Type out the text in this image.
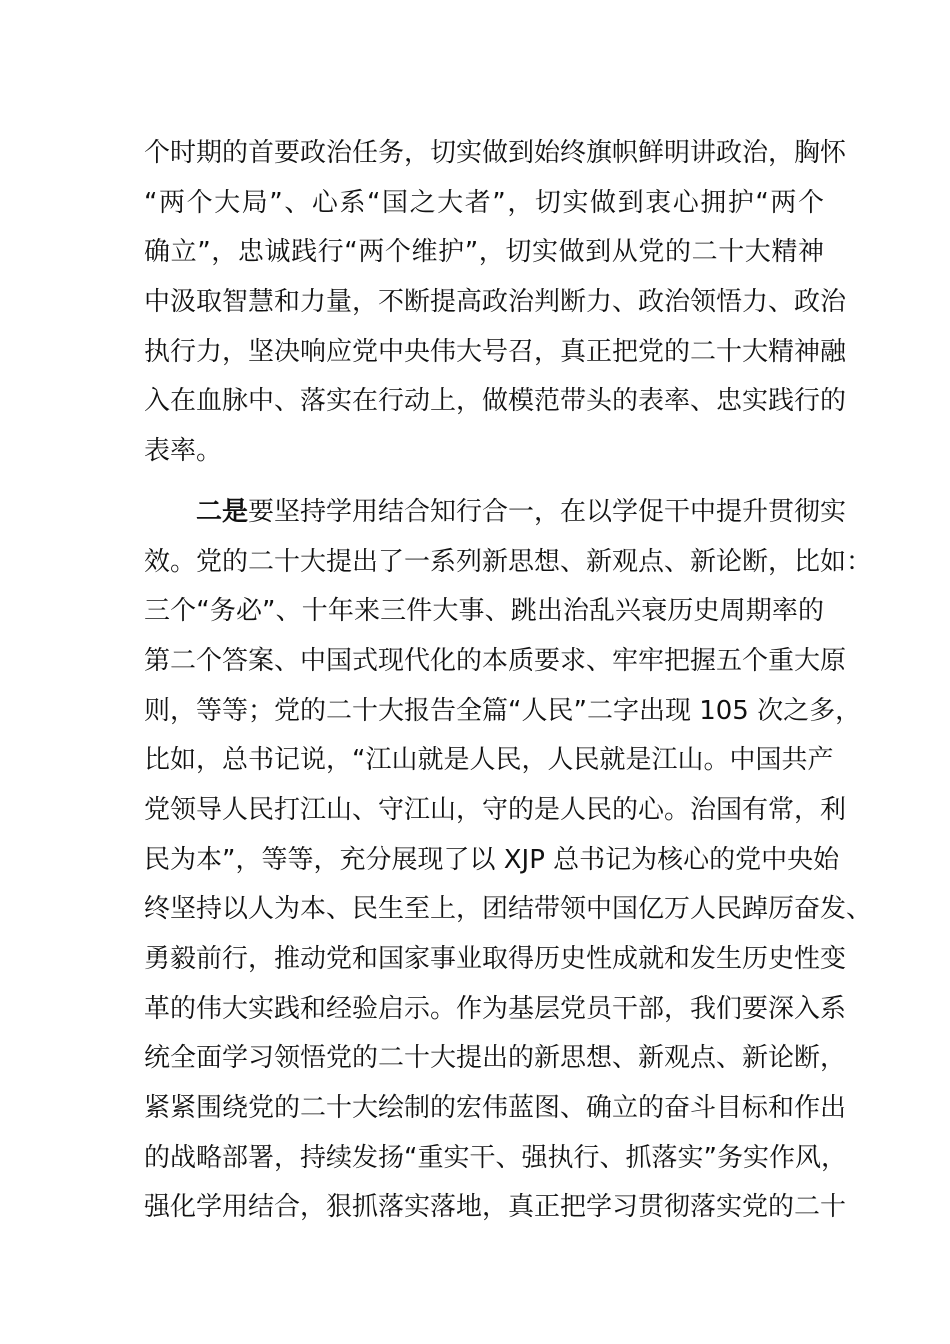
个时期的首要政治任务，切实做到始终旗帜鲜明讲政治，胸怀
“两个大局”、心系“国之大者”，切实做到衷心拥护“两个
确立”，忠诚践行“两个维护”，切实做到从党的二十大精神
中汲取智慧和力量，不断提高政治判断力、政治领悟力、政治
执行力，坚决响应党中央伟大号召，真正把党的二十大精神融
入在血脉中、落实在行动上，做模范带头的表率、忠实践行的
表率。
二是要坚持学用结合知行合一，在以学促干中提升贯彻实
效。党的二十大提出了一系列新思想、新观点、新论断，比如：
三个“务必”、十年来三件大事、跳出治乱兴衰历史周期率的
第二个答案、中国式现代化的本质要求、牢牢把握五个重大原
则，等等；党的二十大报告全篇“人民”二字出现 105 次之多，
比如，总书记说，“江山就是人民，人民就是江山。中国共产
党领导人民打江山、守江山，守的是人民的心。治国有常，利
民为本”，等等，充分展现了以 XJP 总书记为核心的党中央始
终坚持以人为本、民生至上，团结带领中国亿万人民踔厉奋发、
勇毅前行，推动党和国家事业取得历史性成就和发生历史性变
革的伟大实践和经验启示。作为基层党员干部，我们要深入系
统全面学习领悟党的二十大提出的新思想、新观点、新论断，
紧紧围绕党的二十大绘制的宏伟蓝图、确立的奋斗目标和作出
的战略部署，持续发扬“重实干、强执行、抓落实”务实作风，
强化学用结合，狠抓落实落地，真正把学习贯彻落实党的二十
